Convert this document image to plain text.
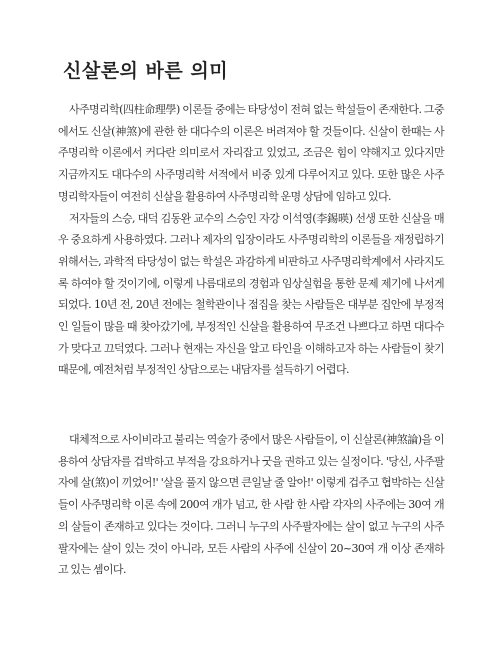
신살론의 바른 의미

사주명리학(四柱命理學) 이론들 중에는 타당성이 전혀 없는 학설들이 존재한다. 그중에서도 신살(神煞)에 관한 한 대다수의 이론은 버려져야 할 것들이다. 신살이 한때는 사주명리학 이론에서 커다란 의미로서 자리잡고 있었고, 조금은 힘이 약해지고 있다지만 지금까지도 대다수의 사주명리학 서적에서 비중 있게 다루어지고 있다. 또한 많은 사주명리학자들이 여전히 신살을 활용하여 사주명리학 운명 상담에 임하고 있다.

저자들의 스승, 대덕 김동완 교수의 스승인 자강 이석영(李錫暎) 선생 또한 신살을 매우 중요하게 사용하였다. 그러나 제자의 입장이라도 사주명리학의 이론들을 재정립하기 위해서는, 과학적 타당성이 없는 학설은 과감하게 비판하고 사주명리학계에서 사라지도록 하여야 할 것이기에, 이렇게 나름대로의 경험과 임상실험을 통한 문제 제기에 나서게 되었다. 10년 전, 20년 전에는 철학관이나 점집을 찾는 사람들은 대부분 집안에 부정적인 일들이 많을 때 찾아갔기에, 부정적인 신살을 활용하여 무조건 나쁘다고 하면 대다수가 맞다고 끄덕였다. 그러나 현재는 자신을 알고 타인을 이해하고자 하는 사람들이 찾기 때문에, 예전처럼 부정적인 상담으로는 내담자를 설득하기 어렵다.

대체적으로 사이비라고 불리는 역술가 중에서 많은 사람들이, 이 신살론(神煞論)을 이용하여 상담자를 겁박하고 부적을 강요하거나 굿을 권하고 있는 실정이다. '당신, 사주팔자에 살(煞)이 끼었어!' '살을 풀지 않으면 큰일날 줄 알아!' 이렇게 겁주고 협박하는 신살들이 사주명리학 이론 속에 200여 개가 넘고, 한 사람 한 사람 각자의 사주에는 30여 개의 살들이 존재하고 있다는 것이다. 그러니 누구의 사주팔자에는 살이 없고 누구의 사주팔자에는 살이 있는 것이 아니라, 모든 사람의 사주에 신살이 20~30여 개 이상 존재하고 있는 셈이다.
